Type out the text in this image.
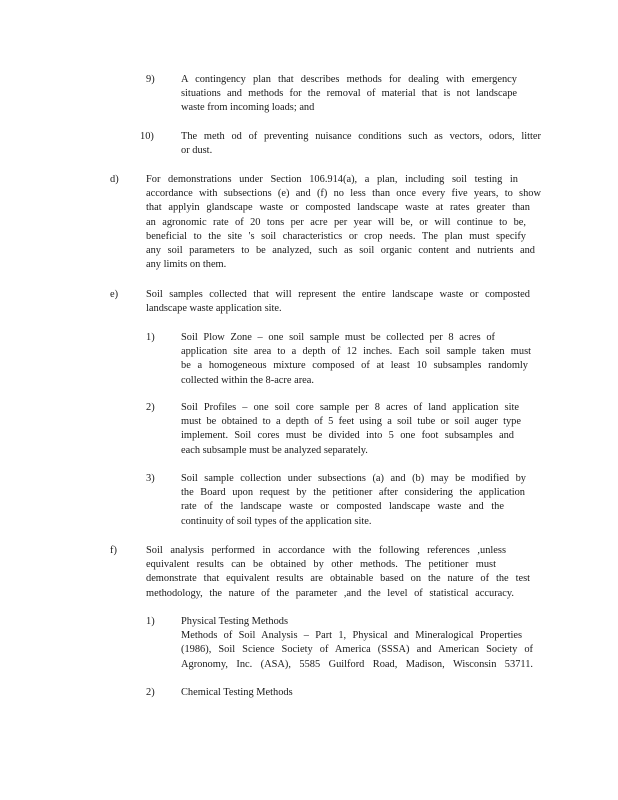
9)	A contingency plan that describes methods for dealing with emergency
situations and methods for the removal of material that is not landscape
waste from incoming loads; and
10)	The meth od of preventing nuisance conditions such as vectors, odors, litter
or dust.
d)	For demonstrations under Section 106.914(a), a plan, including soil testing in
accordance with subsections (e) and (f) no less than once every five years, to show
that applyin glandscape waste or composted landscape waste at rates greater than
an agronomic rate of 20 tons per acre per year will be, or will continue to be,
beneficial to the site 's soil characteristics or crop needs. The plan must specify
any soil parameters to be analyzed, such as soil organic content and nutrients and
any limits on them.
e)	Soil samples collected that will represent the entire landscape waste or composted
landscape waste application site.
1)	Soil Plow Zone – one soil sample must be collected per 8 acres of
application site area to a depth of 12 inches. Each soil sample taken must
be a homogeneous mixture composed of at least 10 subsamples randomly
collected within the 8-acre area.
2)	Soil Profiles – one soil core sample per 8 acres of land application site
must be obtained to a depth of 5 feet using a soil tube or soil auger type
implement. Soil cores must be divided into 5 one foot subsamples and
each subsample must be analyzed separately.
3)	Soil sample collection under subsections (a) and (b) may be modified by
the Board upon request by the petitioner after considering the application
rate of the landscape waste or composted landscape waste and the
continuity of soil types of the application site.
f)	Soil analysis performed in accordance with the following references ,unless
equivalent results can be obtained by other methods. The petitioner must
demonstrate that equivalent results are obtainable based on the nature of the test
methodology, the nature of the parameter ,and the level of statistical accuracy.
1)	Physical Testing Methods
Methods of Soil Analysis – Part 1, Physical and Mineralogical Properties
(1986), Soil Science Society of America (SSSA) and American Society of
Agronomy, Inc. (ASA), 5585 Guilford Road, Madison, Wisconsin 53711.
2)	Chemical Testing Methods
